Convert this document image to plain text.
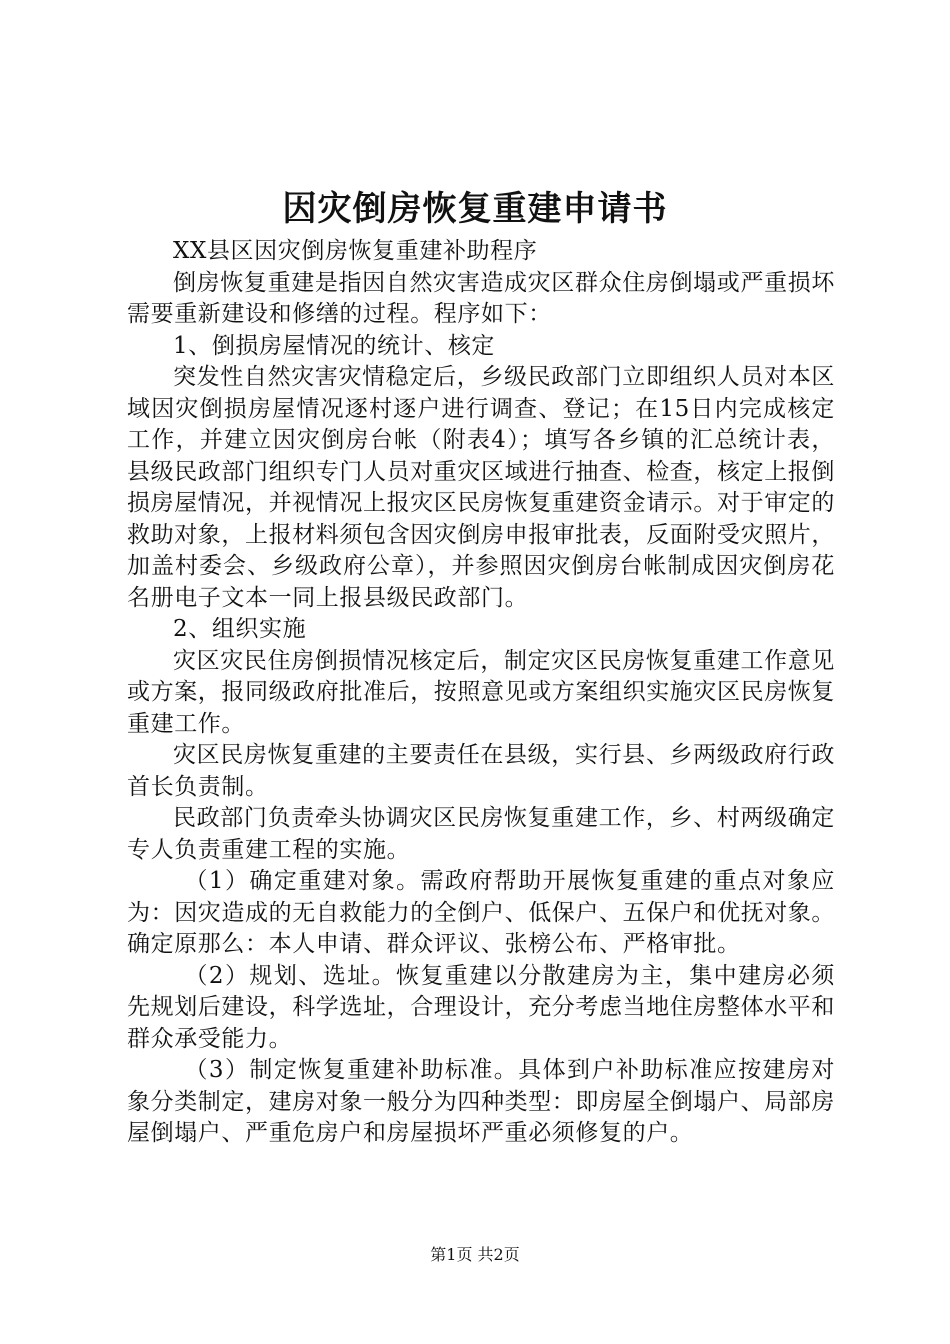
因灾倒房恢复重建申请书

XX县区因灾倒房恢复重建补助程序

倒房恢复重建是指因自然灾害造成灾区群众住房倒塌或严重损坏需要重新建设和修缮的过程。程序如下：

1、倒损房屋情况的统计、核定

突发性自然灾害灾情稳定后，乡级民政部门立即组织人员对本区域因灾倒损房屋情况逐村逐户进行调查、登记；在15日内完成核定工作，并建立因灾倒房台帐（附表4）；填写各乡镇的汇总统计表，县级民政部门组织专门人员对重灾区域进行抽查、检查，核定上报倒损房屋情况，并视情况上报灾区民房恢复重建资金请示。对于审定的救助对象，上报材料须包含因灾倒房申报审批表，反面附受灾照片，加盖村委会、乡级政府公章），并参照因灾倒房台帐制成因灾倒房花名册电子文本一同上报县级民政部门。

2、组织实施

灾区灾民住房倒损情况核定后，制定灾区民房恢复重建工作意见或方案，报同级政府批准后，按照意见或方案组织实施灾区民房恢复重建工作。

灾区民房恢复重建的主要责任在县级，实行县、乡两级政府行政首长负责制。

民政部门负责牵头协调灾区民房恢复重建工作，乡、村两级确定专人负责重建工程的实施。

（1）确定重建对象。需政府帮助开展恢复重建的重点对象应为：因灾造成的无自救能力的全倒户、低保户、五保户和优抚对象。确定原那么：本人申请、群众评议、张榜公布、严格审批。

（2）规划、选址。恢复重建以分散建房为主，集中建房必须先规划后建设，科学选址，合理设计，充分考虑当地住房整体水平和群众承受能力。

（3）制定恢复重建补助标准。具体到户补助标准应按建房对象分类制定，建房对象一般分为四种类型：即房屋全倒塌户、局部房屋倒塌户、严重危房户和房屋损坏严重必须修复的户。

第1页 共2页
